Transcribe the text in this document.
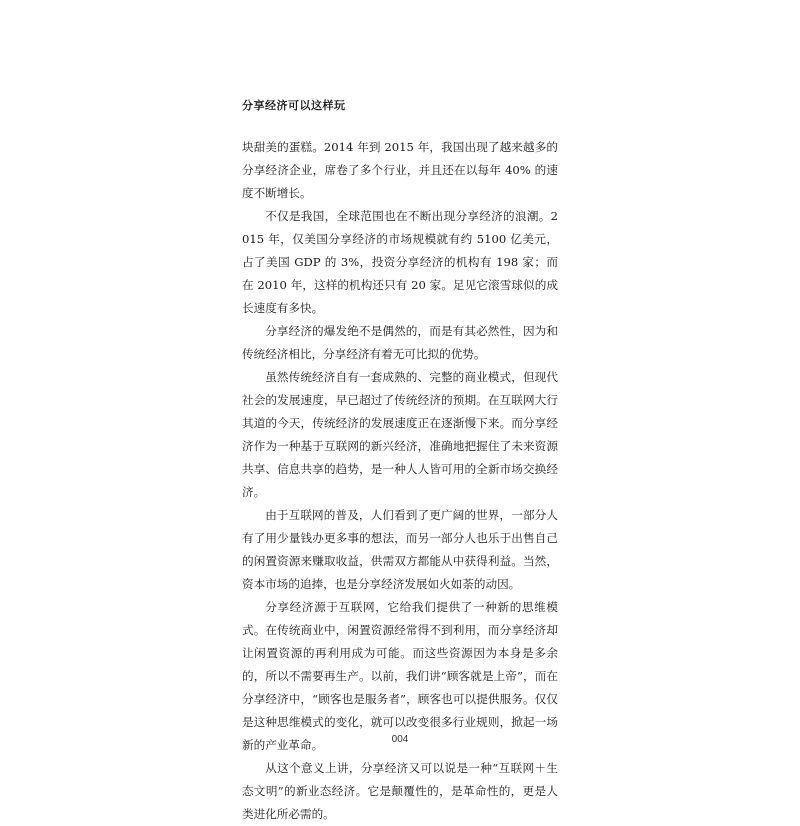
分享经济可以这样玩

块甜美的蛋糕。2014 年到 2015 年，我国出现了越来越多的分享经济企业，席卷了多个行业，并且还在以每年 40% 的速度不断增长。

不仅是我国，全球范围也在不断出现分享经济的浪潮。2015 年，仅美国分享经济的市场规模就有约 5100 亿美元，占了美国 GDP 的 3%，投资分享经济的机构有 198 家；而在 2010 年，这样的机构还只有 20 家。足见它滚雪球似的成长速度有多快。

分享经济的爆发绝不是偶然的，而是有其必然性，因为和传统经济相比，分享经济有着无可比拟的优势。

虽然传统经济自有一套成熟的、完整的商业模式，但现代社会的发展速度，早已超过了传统经济的预期。在互联网大行其道的今天，传统经济的发展速度正在逐渐慢下来。而分享经济作为一种基于互联网的新兴经济，准确地把握住了未来资源共享、信息共享的趋势，是一种人人皆可用的全新市场交换经济。

由于互联网的普及，人们看到了更广阔的世界，一部分人有了用少量钱办更多事的想法，而另一部分人也乐于出售自己的闲置资源来赚取收益，供需双方都能从中获得利益。当然，资本市场的追捧，也是分享经济发展如火如荼的动因。

分享经济源于互联网，它给我们提供了一种新的思维模式。在传统商业中，闲置资源经常得不到利用，而分享经济却让闲置资源的再利用成为可能。而这些资源因为本身是多余的，所以不需要再生产。以前，我们讲“顾客就是上帝”，而在分享经济中，“顾客也是服务者”，顾客也可以提供服务。仅仅是这种思维模式的变化，就可以改变很多行业规则，掀起一场新的产业革命。

从这个意义上讲，分享经济又可以说是一种“互联网＋生态文明”的新业态经济。它是颠覆性的，是革命性的，更是人类进化所必需的。

004
